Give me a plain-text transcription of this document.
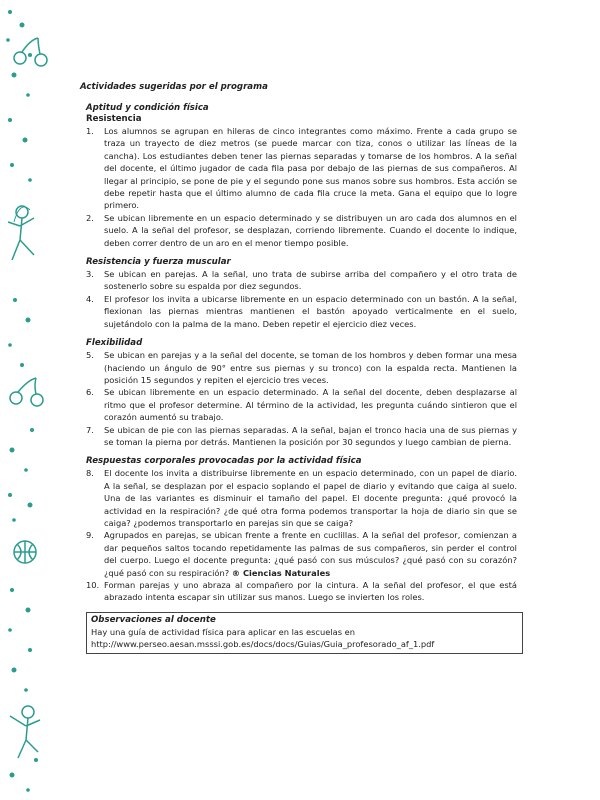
Actividades sugeridas por el programa
Aptitud y condición física
Resistencia
1. Los alumnos se agrupan en hileras de cinco integrantes como máximo. Frente a cada grupo se traza un trayecto de diez metros (se puede marcar con tiza, conos o utilizar las líneas de la cancha). Los estudiantes deben tener las piernas separadas y tomarse de los hombros. A la señal del docente, el último jugador de cada fila pasa por debajo de las piernas de sus compañeros. Al llegar al principio, se pone de pie y el segundo pone sus manos sobre sus hombros. Esta acción se debe repetir hasta que el último alumno de cada fila cruce la meta. Gana el equipo que lo logre primero.
2. Se ubican libremente en un espacio determinado y se distribuyen un aro cada dos alumnos en el suelo. A la señal del profesor, se desplazan, corriendo libremente. Cuando el docente lo indique, deben correr dentro de un aro en el menor tiempo posible.
Resistencia y fuerza muscular
3. Se ubican en parejas. A la señal, uno trata de subirse arriba del compañero y el otro trata de sostenerlo sobre su espalda por diez segundos.
4. El profesor los invita a ubicarse libremente en un espacio determinado con un bastón. A la señal, flexionan las piernas mientras mantienen el bastón apoyado verticalmente en el suelo, sujetándolo con la palma de la mano. Deben repetir el ejercicio diez veces.
Flexibilidad
5. Se ubican en parejas y a la señal del docente, se toman de los hombros y deben formar una mesa (haciendo un ángulo de 90° entre sus piernas y su tronco) con la espalda recta. Mantienen la posición 15 segundos y repiten el ejercicio tres veces.
6. Se ubican libremente en un espacio determinado. A la señal del docente, deben desplazarse al ritmo que el profesor determine. Al término de la actividad, les pregunta cuándo sintieron que el corazón aumentó su trabajo.
7. Se ubican de pie con las piernas separadas. A la señal, bajan el tronco hacia una de sus piernas y se toman la pierna por detrás. Mantienen la posición por 30 segundos y luego cambian de pierna.
Respuestas corporales provocadas por la actividad física
8. El docente los invita a distribuirse libremente en un espacio determinado, con un papel de diario. A la señal, se desplazan por el espacio soplando el papel de diario y evitando que caiga al suelo. Una de las variantes es disminuir el tamaño del papel. El docente pregunta: ¿qué provocó la actividad en la respiración? ¿de qué otra forma podemos transportar la hoja de diario sin que se caiga? ¿podemos transportarlo en parejas sin que se caiga?
9. Agrupados en parejas, se ubican frente a frente en cuclillas. A la señal del profesor, comienzan a dar pequeños saltos tocando repetidamente las palmas de sus compañeros, sin perder el control del cuerpo. Luego el docente pregunta: ¿qué pasó con sus músculos? ¿qué pasó con su corazón? ¿qué pasó con su respiración? ® Ciencias Naturales
10. Forman parejas y uno abraza al compañero por la cintura. A la señal del profesor, el que está abrazado intenta escapar sin utilizar sus manos. Luego se invierten los roles.
Observaciones al docente
Hay una guía de actividad física para aplicar en las escuelas en
http://www.perseo.aesan.msssi.gob.es/docs/docs/Guias/Guia_profesorado_af_1.pdf
